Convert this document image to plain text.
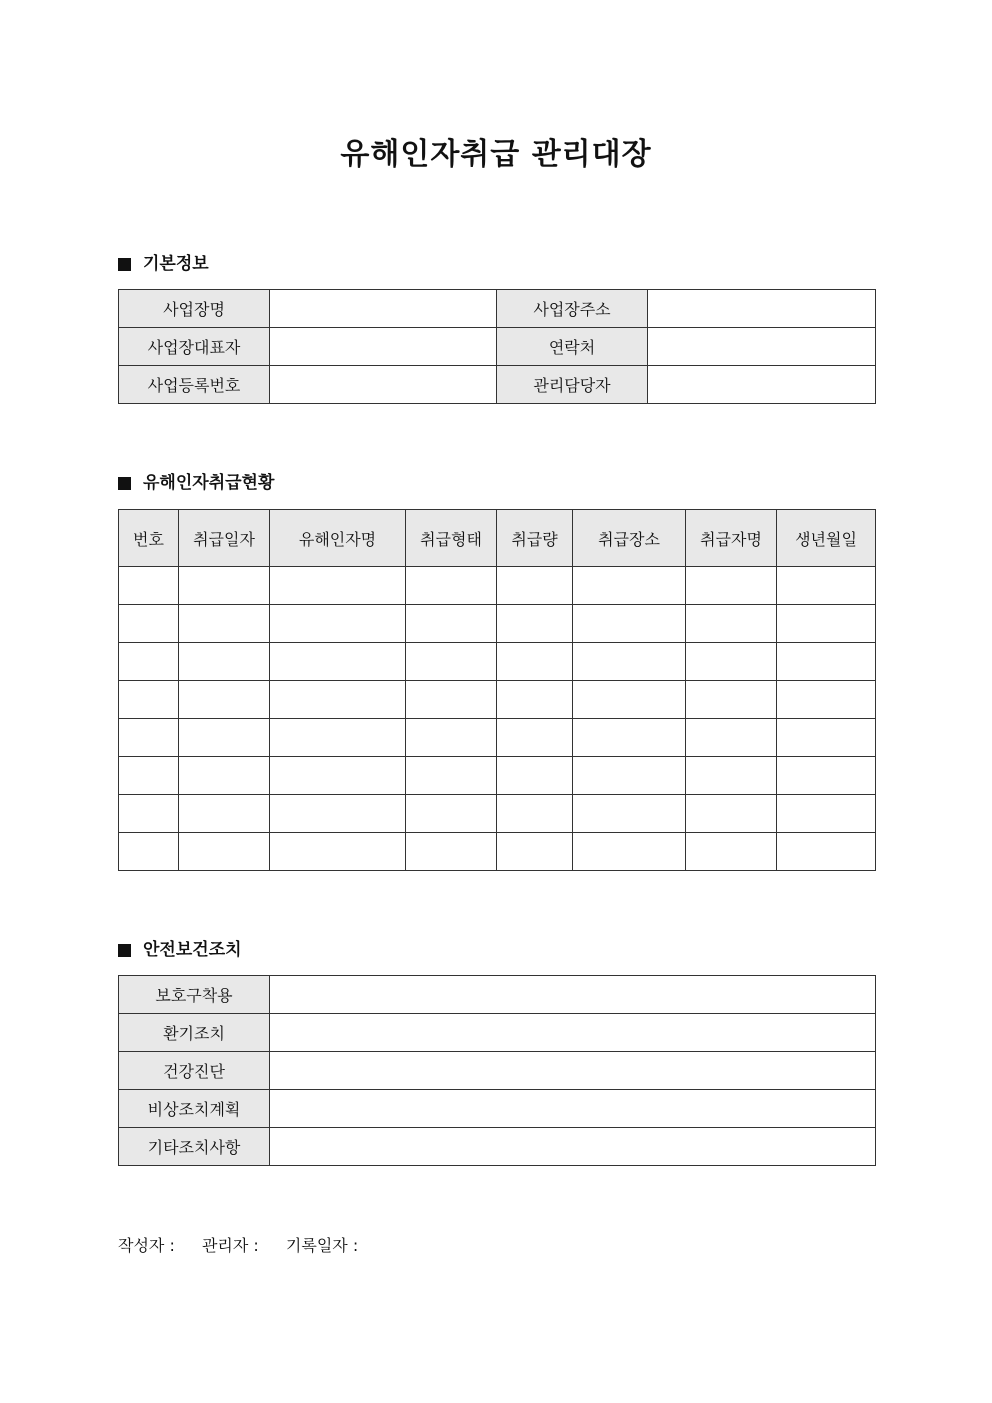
유해인자취급 관리대장
기본정보
사업장명		사업장주소	
사업장대표자		연락처	
사업등록번호		관리담당자	
유해인자취급현황
번호	취급일자	유해인자명	취급형태	취급량	취급장소	취급자명	생년월일

안전보건조치
보호구착용	
환기조치	
건강진단	
비상조치계획	
기타조치사항	
작성자 : 관리자 : 기록일자 :
